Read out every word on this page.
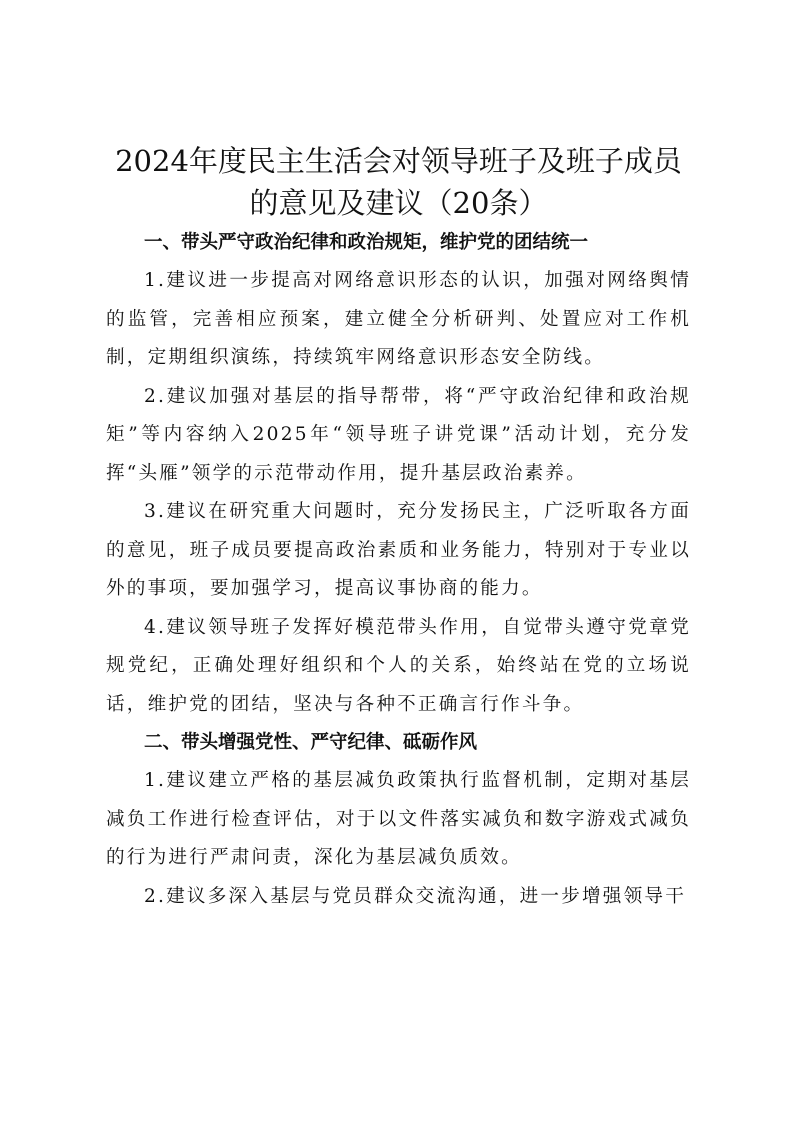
2024年度民主生活会对领导班子及班子成员
的意见及建议（20条）

一、带头严守政治纪律和政治规矩，维护党的团结统一

1.建议进一步提高对网络意识形态的认识，加强对网络舆情的监管，完善相应预案，建立健全分析研判、处置应对工作机制，定期组织演练，持续筑牢网络意识形态安全防线。

2.建议加强对基层的指导帮带，将“严守政治纪律和政治规矩”等内容纳入2025年“领导班子讲党课”活动计划，充分发挥“头雁”领学的示范带动作用，提升基层政治素养。

3.建议在研究重大问题时，充分发扬民主，广泛听取各方面的意见，班子成员要提高政治素质和业务能力，特别对于专业以外的事项，要加强学习，提高议事协商的能力。

4.建议领导班子发挥好模范带头作用，自觉带头遵守党章党规党纪，正确处理好组织和个人的关系，始终站在党的立场说话，维护党的团结，坚决与各种不正确言行作斗争。

二、带头增强党性、严守纪律、砥砺作风

1.建议建立严格的基层减负政策执行监督机制，定期对基层减负工作进行检查评估，对于以文件落实减负和数字游戏式减负的行为进行严肃问责，深化为基层减负质效。

2.建议多深入基层与党员群众交流沟通，进一步增强领导干
